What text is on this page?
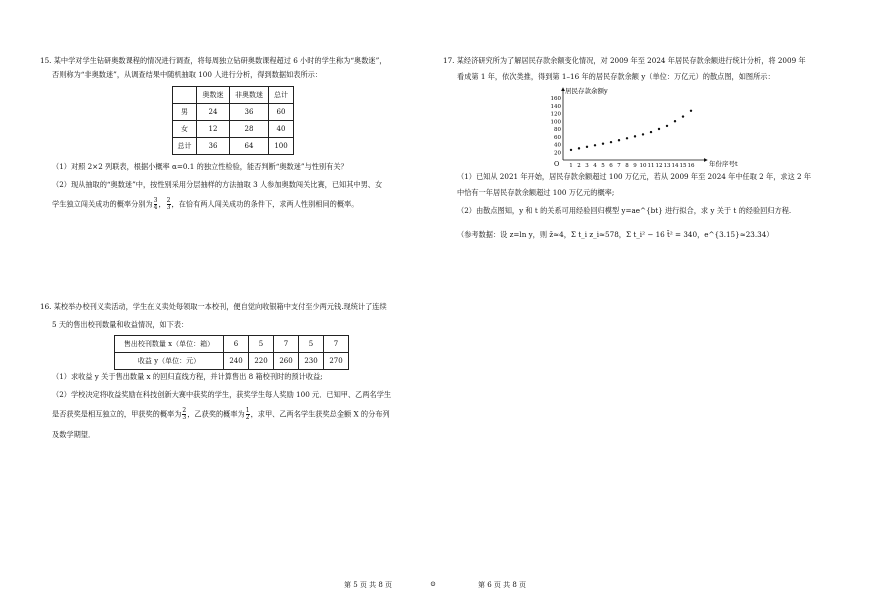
15. 某中学对学生钻研奥数课程的情况进行调查，将每周独立钻研奥数课程超过 6 小时的学生称为“奥数迷”，
否则称为“非奥数迷”，从调查结果中随机抽取 100 人进行分析，得到数据如表所示：
	奥数迷	非奥数迷	总计
男	24	36	60
女	12	28	40
总计	36	64	100
（1）对照 2×2 列联表，根据小概率 α=0.1 的独立性检验，能否判断“奥数迷”与性别有关？
（2）现从抽取的“奥数迷”中，按性别采用分层抽样的方法抽取 3 人参加奥数闯关比赛，已知其中男、女
学生独立闯关成功的概率分别为 $\frac{3}{4}$ ， $\frac{2}{3}$ ，在恰有两人闯关成功的条件下，求两人性别相同的概率。
16. 某校举办校刊义卖活动，学生在义卖处每领取一本校刊，便自觉向收银箱中支付至少两元钱.现统计了连续
5 天的售出校刊数量和收益情况，如下表：
售出校刊数量 x（单位：箱）	6	5	7	5	7
收益 y（单位：元）	240	220	260	230	270
（1）求收益 y 关于售出数量 x 的回归直线方程，并计算售出 8 箱校刊时的预计收益;
（2）学校决定将收益奖励在科技创新大赛中获奖的学生，获奖学生每人奖励 100 元．已知甲、乙两名学生
是否获奖是相互独立的，甲获奖的概率为 $\frac{2}{3}$ ，乙获奖的概率为 $\frac{1}{2}$ ，求甲、乙两名学生获奖总金额 X 的分布列
及数学期望．
17. 某经济研究所为了解居民存款余额变化情况，对 2009 年至 2024 年居民存款余额进行统计分析，将 2009 年
看成第 1 年，依次类推，得到第 1–16 年的居民存款余额 y（单位：万亿元）的散点图，如图所示：
居民存款余额y
年份序号t
O
20
40
60
80
100
120
140
160
1 2 3 4 5 6 7 8 9 10 11 12 13 14 15 16
（1）已知从 2021 年开始，居民存款余额超过 100 万亿元，若从 2009 年至 2024 年中任取 2 年，求这 2 年
中恰有一年居民存款余额超过 100 万亿元的概率;
（2）由散点图知，y 和 t 的关系可用经验回归模型 y=ae^{bt} 进行拟合，求 y 关于 t 的经验回归方程.
（参考数据：设 z=ln y，则 z̄≈4，Σ t_i z_i≈578，Σ t_i² − 16 t̄² = 340，e^{3.15}≈23.34）
第 5 页 共 8 页	⊙	第 6 页 共 8 页
